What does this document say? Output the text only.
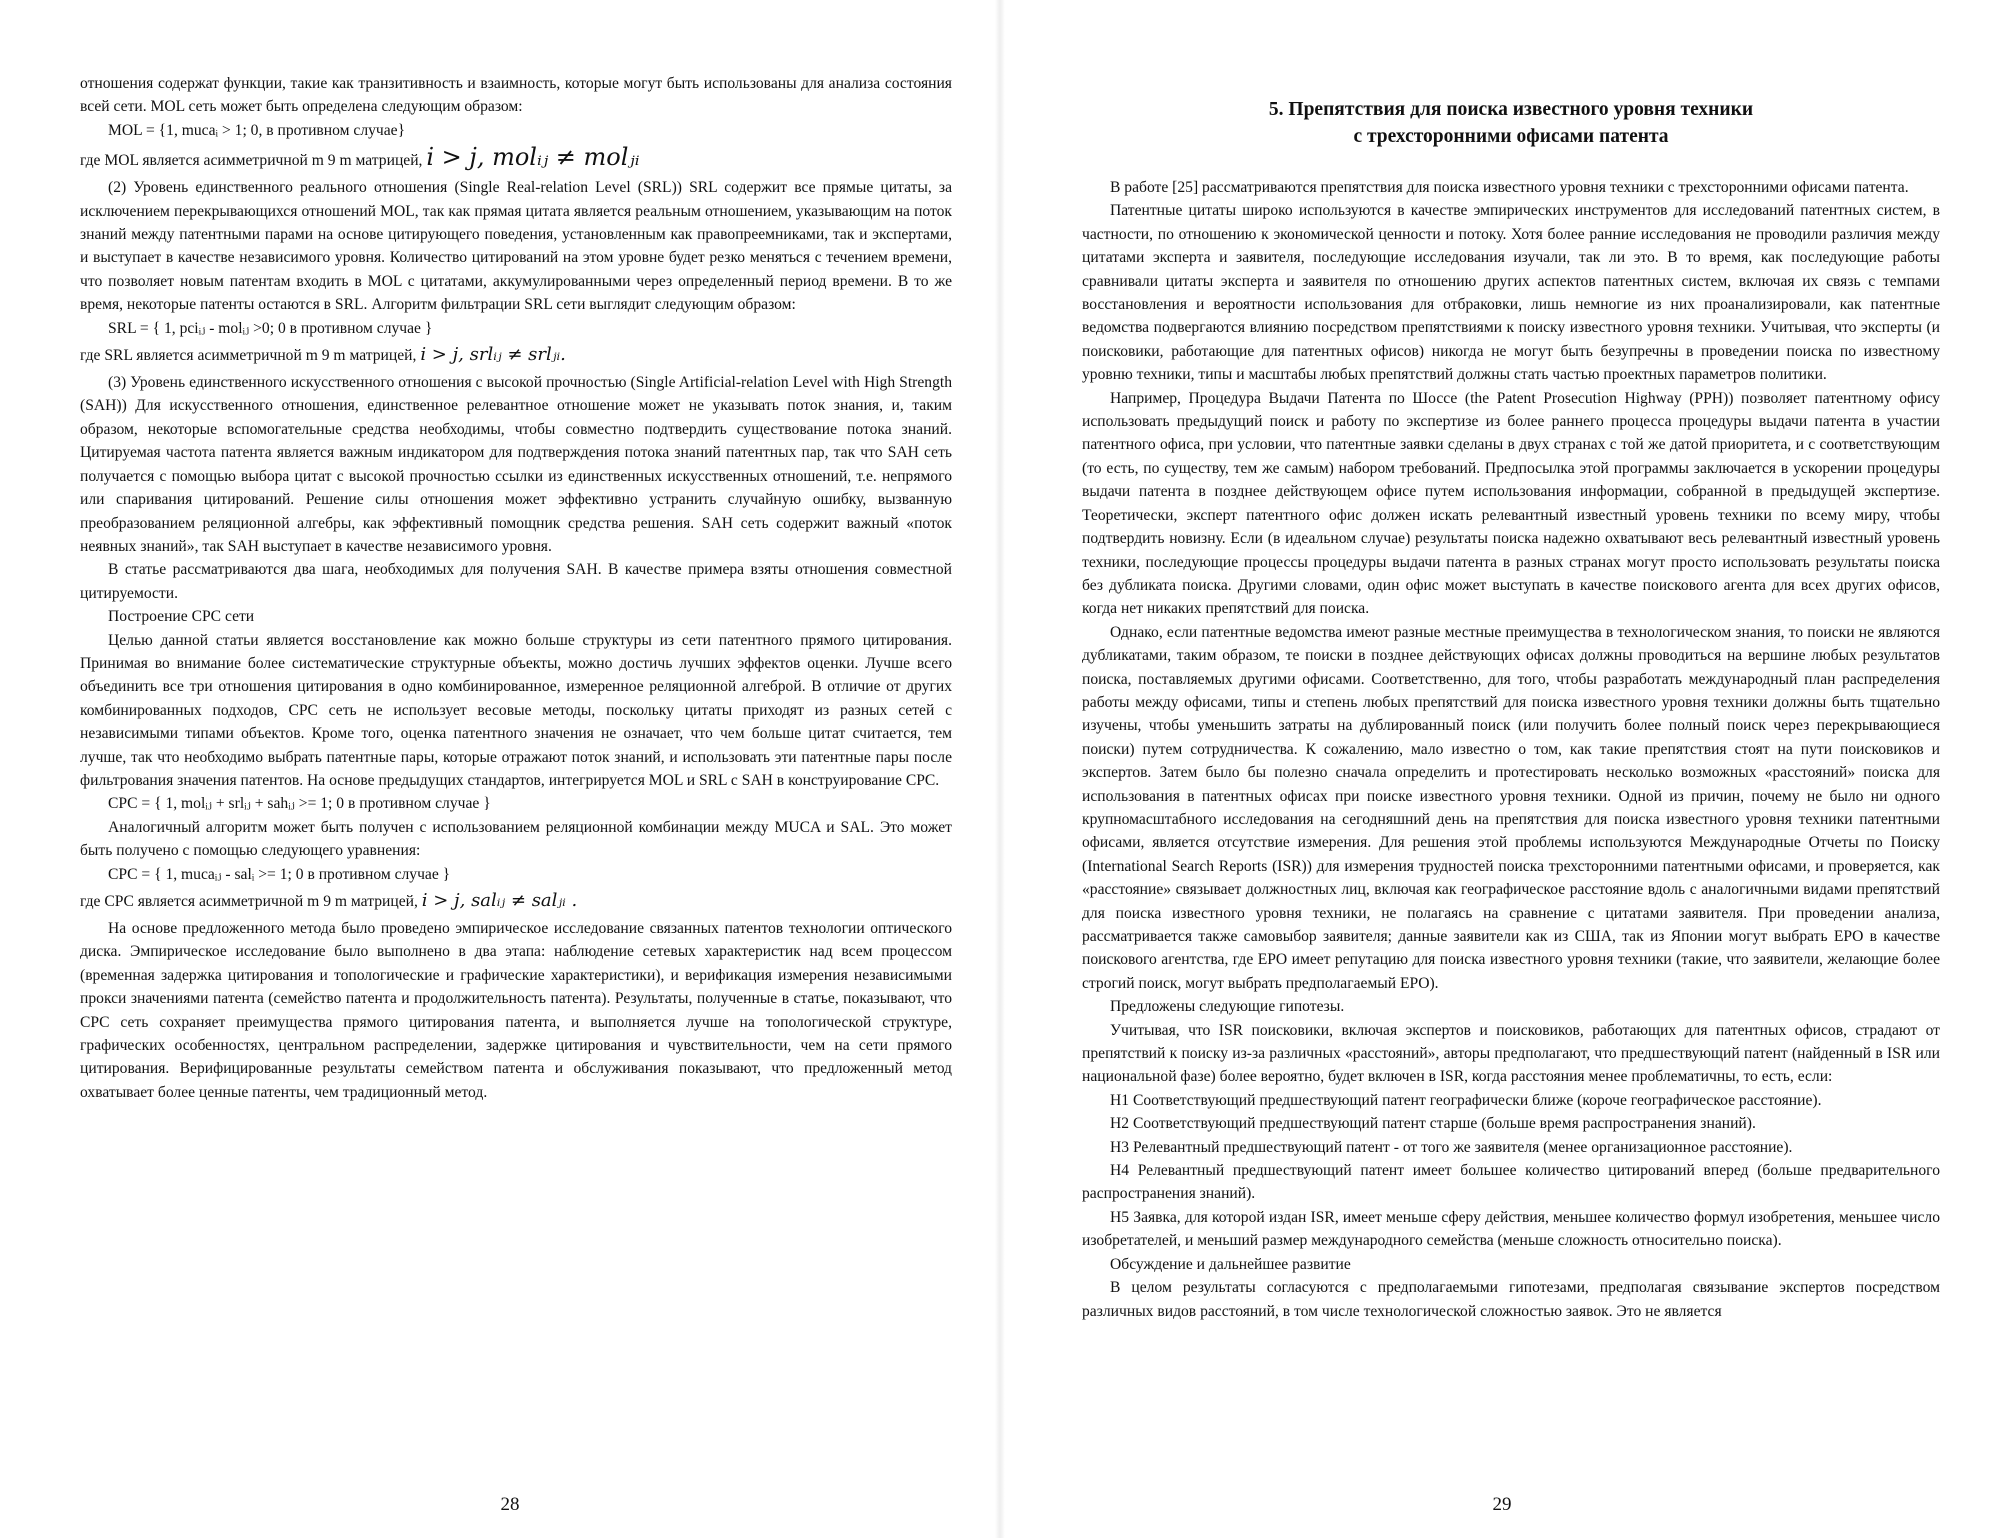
отношения содержат функции, такие как транзитивность и взаимность, которые могут быть использованы для анализа состояния всей сети. MOL сеть может быть определена следующим образом:

MOL = {1, mucaᵢ > 1; 0, в противном случае}

где MOL является асимметричной m 9 m матрицей, i > j, molᵢⱼ ≠ molⱼᵢ

(2) Уровень единственного реального отношения (Single Real-relation Level (SRL)) SRL содержит все прямые цитаты, за исключением перекрывающихся отношений MOL, так как прямая цитата является реальным отношением, указывающим на поток знаний между патентными парами на основе цитирующего поведения, установленным как правопреемниками, так и экспертами, и выступает в качестве независимого уровня. Количество цитирований на этом уровне будет резко меняться с течением времени, что позволяет новым патентам входить в MOL с цитатами, аккумулированными через определенный период времени. В то же время, некоторые патенты остаются в SRL. Алгоритм фильтрации SRL сети выглядит следующим образом:

SRL = { 1, pciᵢⱼ - molᵢⱼ >0; 0 в противном случае }

где SRL является асимметричной m 9 m матрицей, i > j, srlᵢⱼ ≠ srlⱼᵢ.

(3) Уровень единственного искусственного отношения с высокой прочностью (Single Artificial-relation Level with High Strength (SAH)) Для искусственного отношения, единственное релевантное отношение может не указывать поток знания, и, таким образом, некоторые вспомогательные средства необходимы, чтобы совместно подтвердить существование потока знаний. Цитируемая частота патента является важным индикатором для подтверждения потока знаний патентных пар, так что SAH сеть получается с помощью выбора цитат с высокой прочностью ссылки из единственных искусственных отношений, т.е. непрямого или спаривания цитирований. Решение силы отношения может эффективно устранить случайную ошибку, вызванную преобразованием реляционной алгебры, как эффективный помощник средства решения. SAH сеть содержит важный «поток неявных знаний», так SAH выступает в качестве независимого уровня.

В статье рассматриваются два шага, необходимых для получения SAH. В качестве примера взяты отношения совместной цитируемости.

Построение CPC сети

Целью данной статьи является восстановление как можно больше структуры из сети патентного прямого цитирования. Принимая во внимание более систематические структурные объекты, можно достичь лучших эффектов оценки. Лучше всего объединить все три отношения цитирования в одно комбинированное, измеренное реляционной алгеброй. В отличие от других комбинированных подходов, CPC сеть не использует весовые методы, поскольку цитаты приходят из разных сетей с независимыми типами объектов. Кроме того, оценка патентного значения не означает, что чем больше цитат считается, тем лучше, так что необходимо выбрать патентные пары, которые отражают поток знаний, и использовать эти патентные пары после фильтрования значения патентов. На основе предыдущих стандартов, интегрируется MOL и SRL с SAH в конструирование CPC.

CPC = { 1, molᵢⱼ + srlᵢⱼ + sahᵢⱼ >= 1; 0 в противном случае }

Аналогичный алгоритм может быть получен с использованием реляционной комбинации между MUCA и SAL. Это может быть получено с помощью следующего уравнения:

CPC = { 1, mucaᵢⱼ - salᵢ >= 1; 0 в противном случае }

где CPC является асимметричной m 9 m матрицей, i > j, salᵢⱼ ≠ salⱼᵢ .

На основе предложенного метода было проведено эмпирическое исследование связанных патентов технологии оптического диска. Эмпирическое исследование было выполнено в два этапа: наблюдение сетевых характеристик над всем процессом (временная задержка цитирования и топологические и графические характеристики), и верификация измерения независимыми прокси значениями патента (семейство патента и продолжительность патента). Результаты, полученные в статье, показывают, что CPC сеть сохраняет преимущества прямого цитирования патента, и выполняется лучше на топологической структуре, графических особенностях, центральном распределении, задержке цитирования и чувствительности, чем на сети прямого цитирования. Верифицированные результаты семейством патента и обслуживания показывают, что предложенный метод охватывает более ценные патенты, чем традиционный метод.

28
5. Препятствия для поиска известного уровня техники
с трехсторонними офисами патента

В работе [25] рассматриваются препятствия для поиска известного уровня техники с трехсторонними офисами патента.

Патентные цитаты широко используются в качестве эмпирических инструментов для исследований патентных систем, в частности, по отношению к экономической ценности и потоку. Хотя более ранние исследования не проводили различия между цитатами эксперта и заявителя, последующие исследования изучали, так ли это. В то время, как последующие работы сравнивали цитаты эксперта и заявителя по отношению других аспектов патентных систем, включая их связь с темпами восстановления и вероятности использования для отбраковки, лишь немногие из них проанализировали, как патентные ведомства подвергаются влиянию посредством препятствиями к поиску известного уровня техники. Учитывая, что эксперты (и поисковики, работающие для патентных офисов) никогда не могут быть безупречны в проведении поиска по известному уровню техники, типы и масштабы любых препятствий должны стать частью проектных параметров политики.

Например, Процедура Выдачи Патента по Шоссе (the Patent Prosecution Highway (PPH)) позволяет патентному офису использовать предыдущий поиск и работу по экспертизе из более раннего процесса процедуры выдачи патента в участии патентного офиса, при условии, что патентные заявки сделаны в двух странах с той же датой приоритета, и с соответствующим (то есть, по существу, тем же самым) набором требований. Предпосылка этой программы заключается в ускорении процедуры выдачи патента в позднее действующем офисе путем использования информации, собранной в предыдущей экспертизе. Теоретически, эксперт патентного офис должен искать релевантный известный уровень техники по всему миру, чтобы подтвердить новизну. Если (в идеальном случае) результаты поиска надежно охватывают весь релевантный известный уровень техники, последующие процессы процедуры выдачи патента в разных странах могут просто использовать результаты поиска без дубликата поиска. Другими словами, один офис может выступать в качестве поискового агента для всех других офисов, когда нет никаких препятствий для поиска.

Однако, если патентные ведомства имеют разные местные преимущества в технологическом знания, то поиски не являются дубликатами, таким образом, те поиски в позднее действующих офисах должны проводиться на вершине любых результатов поиска, поставляемых другими офисами. Соответственно, для того, чтобы разработать международный план распределения работы между офисами, типы и степень любых препятствий для поиска известного уровня техники должны быть тщательно изучены, чтобы уменьшить затраты на дублированный поиск (или получить более полный поиск через перекрывающиеся поиски) путем сотрудничества. К сожалению, мало известно о том, как такие препятствия стоят на пути поисковиков и экспертов. Затем было бы полезно сначала определить и протестировать несколько возможных «расстояний» поиска для использования в патентных офисах при поиске известного уровня техники. Одной из причин, почему не было ни одного крупномасштабного исследования на сегодняшний день на препятствия для поиска известного уровня техники патентными офисами, является отсутствие измерения. Для решения этой проблемы используются Международные Отчеты по Поиску (International Search Reports (ISR)) для измерения трудностей поиска трехсторонними патентными офисами, и проверяется, как «расстояние» связывает должностных лиц, включая как географическое расстояние вдоль с аналогичными видами препятствий для поиска известного уровня техники, не полагаясь на сравнение с цитатами заявителя. При проведении анализа, рассматривается также самовыбор заявителя; данные заявители как из США, так из Японии могут выбрать EPO в качестве поискового агентства, где EPO имеет репутацию для поиска известного уровня техники (такие, что заявители, желающие более строгий поиск, могут выбрать предполагаемый EPO).

Предложены следующие гипотезы.

Учитывая, что ISR поисковики, включая экспертов и поисковиков, работающих для патентных офисов, страдают от препятствий к поиску из-за различных «расстояний», авторы предполагают, что предшествующий патент (найденный в ISR или национальной фазе) более вероятно, будет включен в ISR, когда расстояния менее проблематичны, то есть, если:

H1 Соответствующий предшествующий патент географически ближе (короче географическое расстояние).

H2 Соответствующий предшествующий патент старше (больше время распространения знаний).

H3 Релевантный предшествующий патент - от того же заявителя (менее организационное расстояние).

H4 Релевантный предшествующий патент имеет большее количество цитирований вперед (больше предварительного распространения знаний).

H5 Заявка, для которой издан ISR, имеет меньше сферу действия, меньшее количество формул изобретения, меньшее число изобретателей, и меньший размер международного семейства (меньше сложность относительно поиска).

Обсуждение и дальнейшее развитие

В целом результаты согласуются с предполагаемыми гипотезами, предполагая связывание экспертов посредством различных видов расстояний, в том числе технологической сложностью заявок. Это не является

29
